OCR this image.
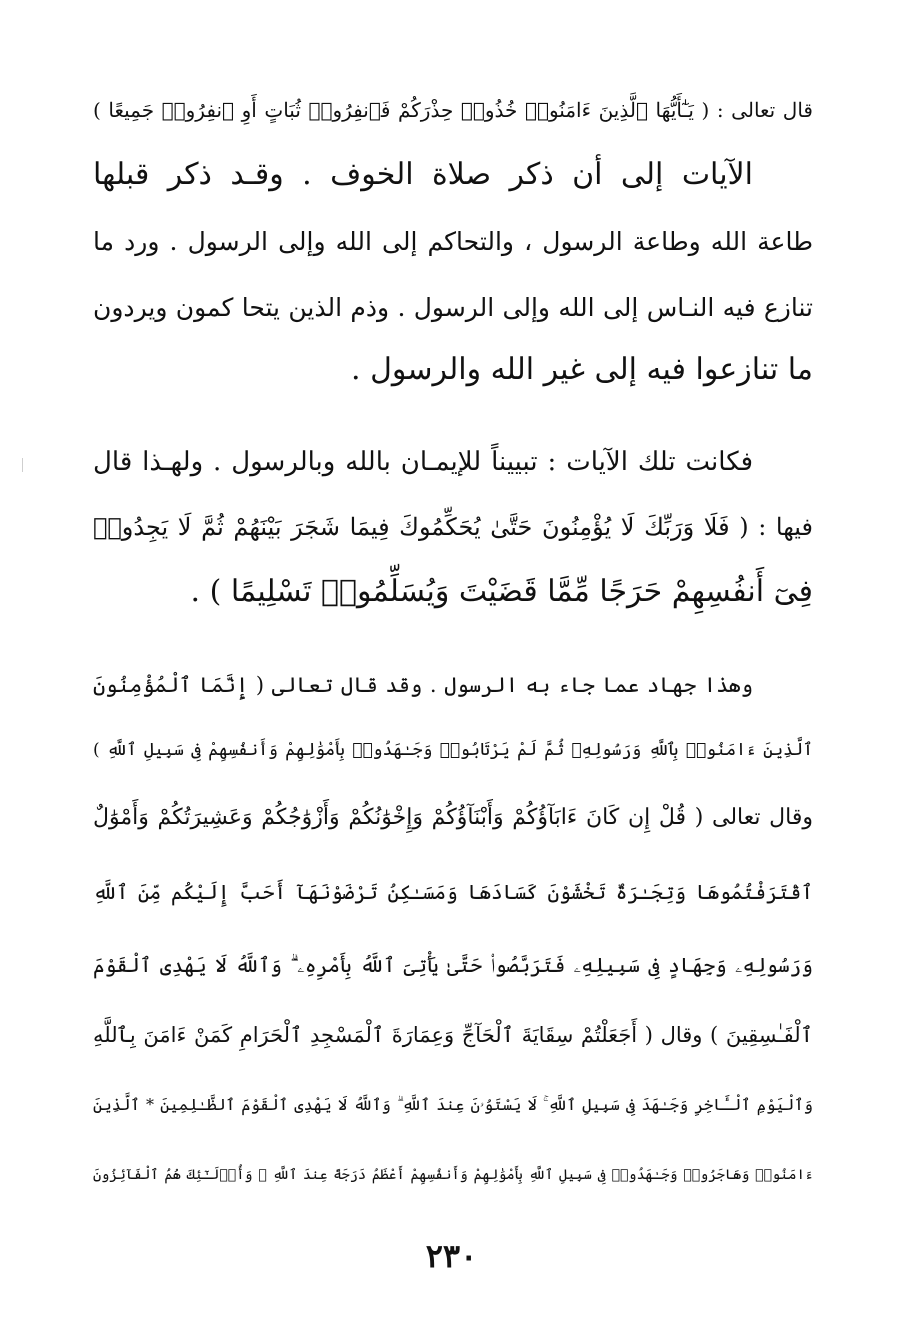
قال تعالى : ( يَـٰٓأَيُّهَا ٱلَّذِينَ ءَامَنُوا۟ خُذُوا۟ حِذْرَكُمْ فَٱنفِرُوا۟ ثُبَاتٍ أَوِ ٱنفِرُوا۟ جَمِيعًا )
الآيات إلى أن ذكر صلاة الخوف . وقـد ذكر قبلها
طاعة الله وطاعة الرسول ، والتحاكم إلى الله وإلى الرسول . ورد ما
تنازع فيه النـاس إلى الله وإلى الرسول . وذم الذين يتحا كمون ويردون
ما تنازعوا فيه إلى غير الله والرسول .
فكانت تلك الآيات : تبييناً للإيمـان بالله وبالرسول . ولهـذا قال
فيها : ( فَلَا وَرَبِّكَ لَا يُؤْمِنُونَ حَتَّىٰ يُحَكِّمُوكَ فِيمَا شَجَرَ بَيْنَهُمْ ثُمَّ لَا يَجِدُوا۟
فِىٓ أَنفُسِهِمْ حَرَجًا مِّمَّا قَضَيْتَ وَيُسَلِّمُوا۟ تَسْلِيمًا ) .
وهذا جهاد عما جاء به الرسول . وقد قال تعالى ( إِنَّمَا ٱلْمُؤْمِنُونَ
ٱلَّذِينَ ءَامَنُوا۟ بِٱللَّهِ وَرَسُولِهِۦ ثُمَّ لَمْ يَرْتَابُوا۟ وَجَـٰهَدُوا۟ بِأَمْوَٰلِهِمْ وَأَنفُسِهِمْ فِى سَبِيلِ ٱللَّهِ )
وقال تعالى ( قُلْ إِن كَانَ ءَابَآؤُكُمْ وَأَبْنَآؤُكُمْ وَإِخْوَٰنُكُمْ وَأَزْوَٰجُكُمْ وَعَشِيرَتُكُمْ وَأَمْوَٰلٌ
ٱقْتَرَفْتُمُوهَا وَتِجَـٰرَةٌ تَخْشَوْنَ كَسَادَهَا وَمَسَـٰكِنُ تَرْضَوْنَهَآ أَحَبَّ إِلَيْكُم مِّنَ ٱللَّهِ
وَرَسُولِهِۦ وَجِهَادٍ فِى سَبِيلِهِۦ فَتَرَبَّصُوا۟ حَتَّىٰ يَأْتِىَ ٱللَّهُ بِأَمْرِهِۦ ۗ وَٱللَّهُ لَا يَهْدِى ٱلْقَوْمَ
ٱلْفَـٰسِقِينَ ) وقال ( أَجَعَلْتُمْ سِقَايَةَ ٱلْحَآجِّ وَعِمَارَةَ ٱلْمَسْجِدِ ٱلْحَرَامِ كَمَنْ ءَامَنَ بِٱللَّهِ
وَٱلْيَوْمِ ٱلْـَٔاخِرِ وَجَـٰهَدَ فِى سَبِيلِ ٱللَّهِ ۚ لَا يَسْتَوُۥنَ عِندَ ٱللَّهِ ۗ وَٱللَّهُ لَا يَهْدِى ٱلْقَوْمَ ٱلظَّـٰلِمِينَ * ٱلَّذِينَ
ءَامَنُوا۟ وَهَاجَرُوا۟ وَجَـٰهَدُوا۟ فِى سَبِيلِ ٱللَّهِ بِأَمْوَٰلِهِمْ وَأَنفُسِهِمْ أَعْظَمُ دَرَجَةً عِندَ ٱللَّهِ ۚ وَأُو۟لَـٰٓئِكَ هُمُ ٱلْفَآئِزُونَ
٢٣٠
